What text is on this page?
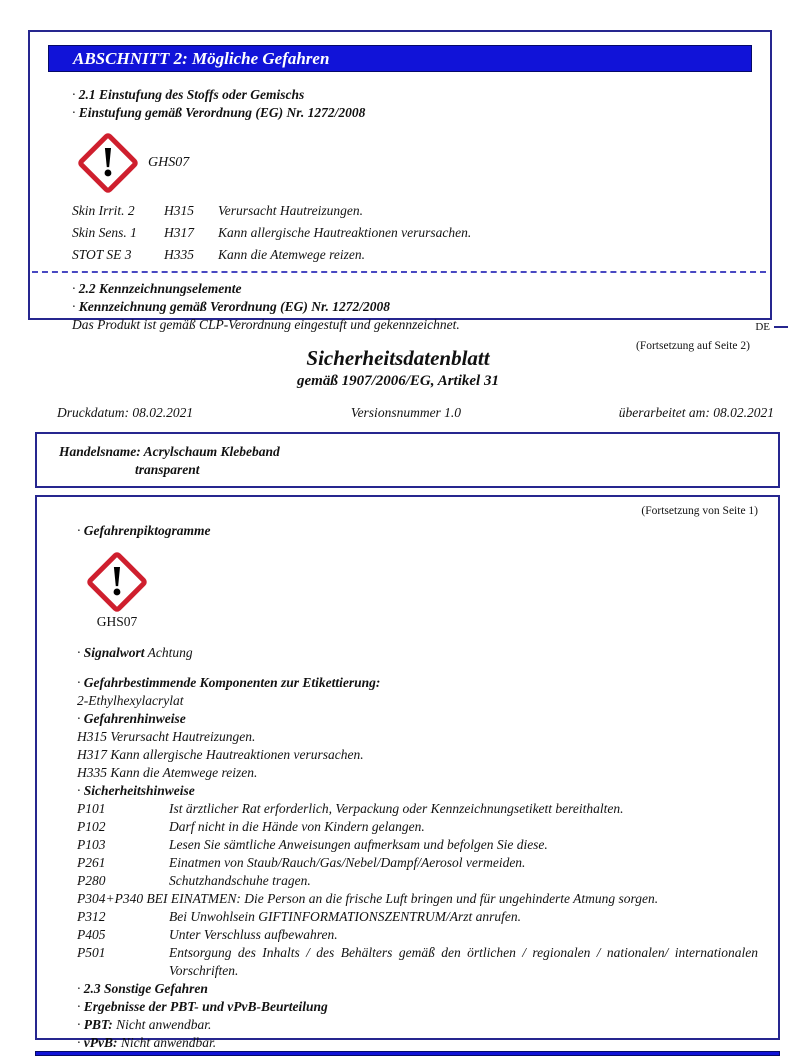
ABSCHNITT 2: Mögliche Gefahren
· 2.1 Einstufung des Stoffs oder Gemischs
· Einstufung gemäß Verordnung (EG) Nr. 1272/2008
!	GHS07
Skin Irrit. 2	H315	Verursacht Hautreizungen.
Skin Sens. 1	H317	Kann allergische Hautreaktionen verursachen.
STOT SE 3	H335	Kann die Atemwege reizen.
· 2.2 Kennzeichnungselemente
· Kennzeichnung gemäß Verordnung (EG) Nr. 1272/2008
Das Produkt ist gemäß CLP-Verordnung eingestuft und gekennzeichnet.
(Fortsetzung auf Seite 2)
DE
Sicherheitsdatenblatt
gemäß 1907/2006/EG, Artikel 31
Druckdatum: 08.02.2021	Versionsnummer 1.0	überarbeitet am: 08.02.2021
Handelsname: Acrylschaum Klebeband
transparent
(Fortsetzung von Seite 1)
· Gefahrenpiktogramme
!
GHS07
· Signalwort Achtung
· Gefahrbestimmende Komponenten zur Etikettierung:
2-Ethylhexylacrylat
· Gefahrenhinweise
H315 Verursacht Hautreizungen.
H317 Kann allergische Hautreaktionen verursachen.
H335 Kann die Atemwege reizen.
· Sicherheitshinweise
P101	Ist ärztlicher Rat erforderlich, Verpackung oder Kennzeichnungsetikett bereithalten.
P102	Darf nicht in die Hände von Kindern gelangen.
P103	Lesen Sie sämtliche Anweisungen aufmerksam und befolgen Sie diese.
P261	Einatmen von Staub/Rauch/Gas/Nebel/Dampf/Aerosol vermeiden.
P280	Schutzhandschuhe tragen.
P304+P340 BEI EINATMEN: Die Person an die frische Luft bringen und für ungehinderte Atmung sorgen.
P312	Bei Unwohlsein GIFTINFORMATIONSZENTRUM/Arzt anrufen.
P405	Unter Verschluss aufbewahren.
P501	Entsorgung des Inhalts / des Behälters gemäß den örtlichen / regionalen / nationalen/ internationalen Vorschriften.
· 2.3 Sonstige Gefahren
· Ergebnisse der PBT- und vPvB-Beurteilung
· PBT: Nicht anwendbar.
· vPvB: Nicht anwendbar.
